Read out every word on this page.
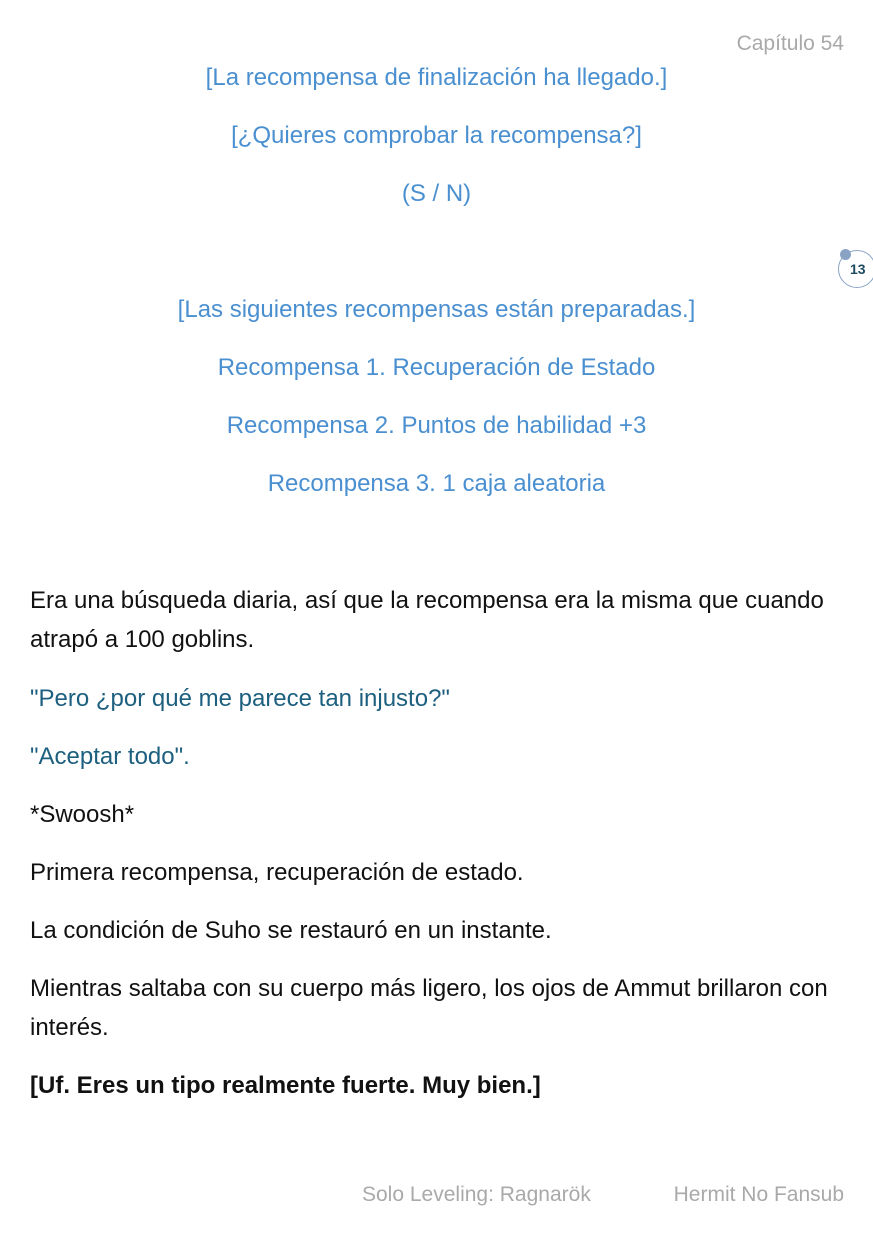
Capítulo 54
[La recompensa de finalización ha llegado.]
[¿Quieres comprobar la recompensa?]
(S / N)
[Las siguientes recompensas están preparadas.]
Recompensa 1. Recuperación de Estado
Recompensa 2. Puntos de habilidad +3
Recompensa 3. 1 caja aleatoria
13
Era una búsqueda diaria, así que la recompensa era la misma que cuando atrapó a 100 goblins.
"Pero ¿por qué me parece tan injusto?"
"Aceptar todo".
*Swoosh*
Primera recompensa, recuperación de estado.
La condición de Suho se restauró en un instante.
Mientras saltaba con su cuerpo más ligero, los ojos de Ammut brillaron con interés.
[Uf. Eres un tipo realmente fuerte. Muy bien.]
Solo Leveling: Ragnarök	Hermit No Fansub
